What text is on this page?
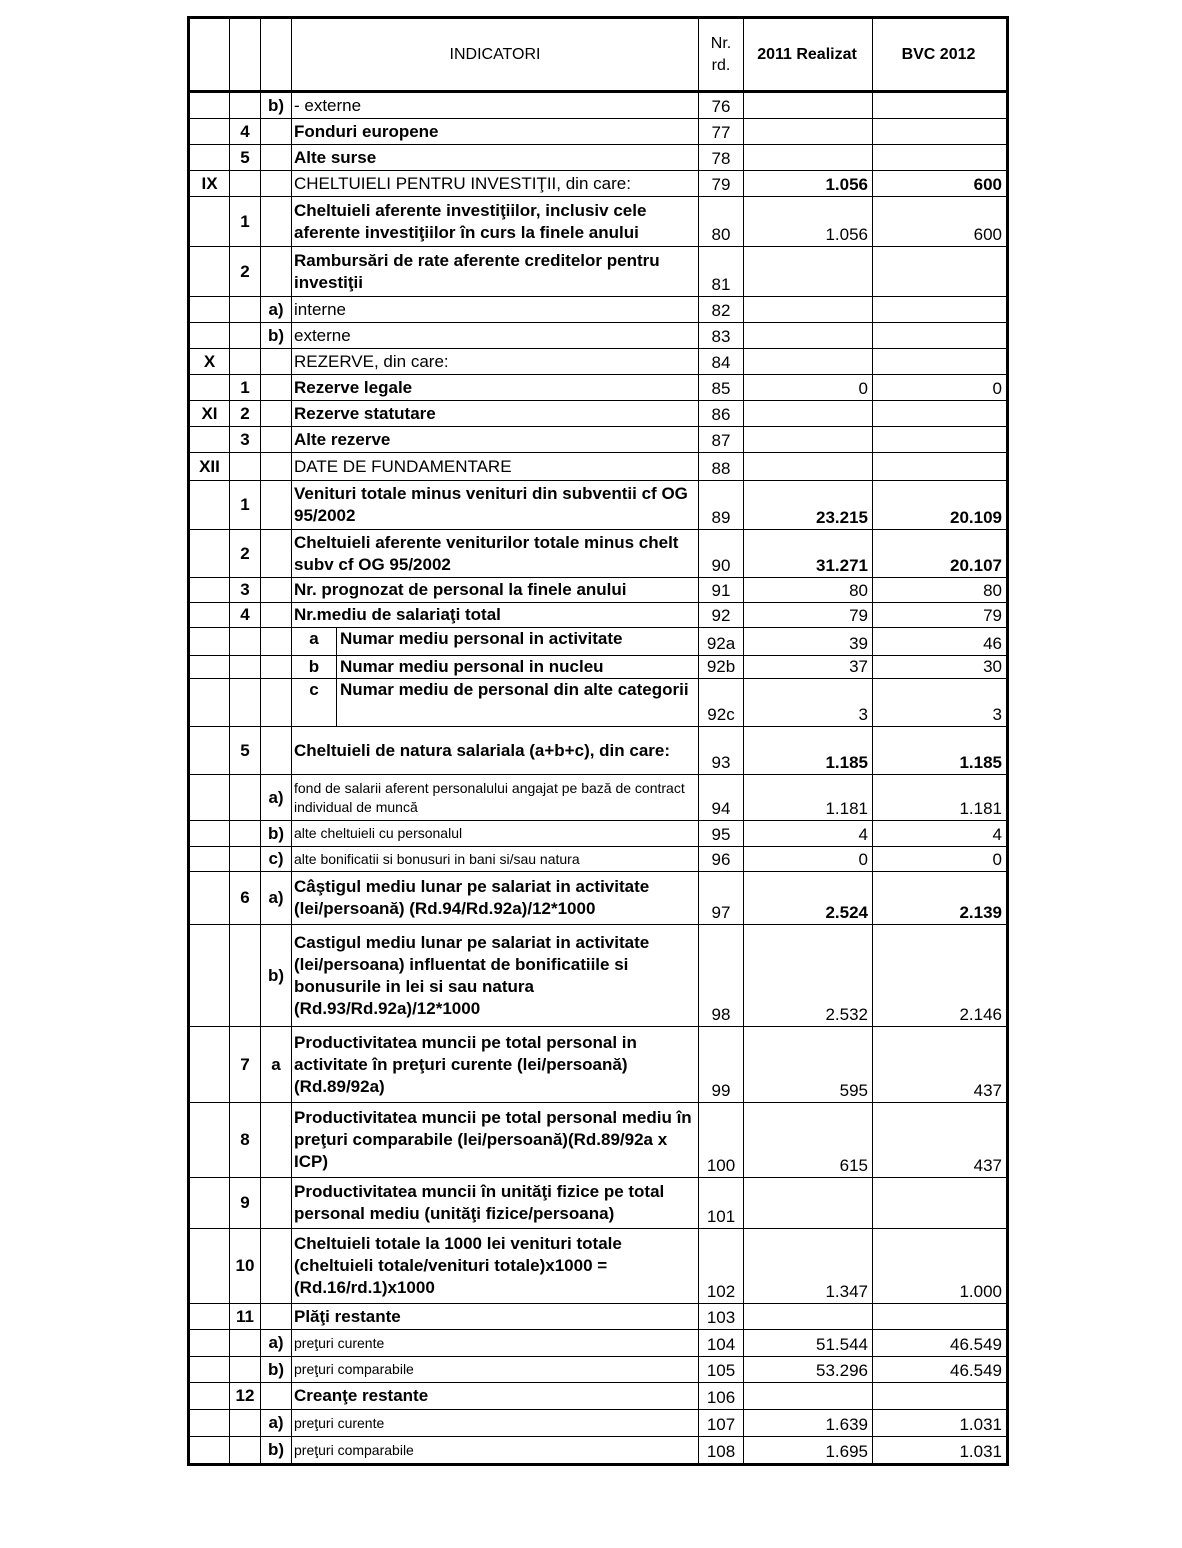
			INDICATORI	Nr. rd.	2011 Realizat	BVC 2012
		b)	- externe	76		
	4		Fonduri europene	77		
	5		Alte surse	78		
IX			CHELTUIELI PENTRU INVESTIŢII, din care:	79	1.056	600
	1		Cheltuieli aferente investiţiilor, inclusiv cele aferente investiţiilor în curs la finele anului	80	1.056	600
	2		Rambursări de rate aferente creditelor pentru investiţii	81		
		a)	interne	82		
		b)	externe	83		
X			REZERVE, din care:	84		
	1		Rezerve legale	85	0	0
XI	2		Rezerve statutare	86		
	3		Alte rezerve	87		
XII			DATE DE FUNDAMENTARE	88		
	1		Venituri totale minus venituri din subventii cf OG 95/2002	89	23.215	20.109
	2		Cheltuieli aferente veniturilor totale minus chelt subv cf OG 95/2002	90	31.271	20.107
	3		Nr. prognozat de personal la finele anului	91	80	80
	4		Nr.mediu de salariaţi total	92	79	79

			a Numar mediu personal in activitate	92a	39	46

			b Numar mediu personal in nucleu	92b	37	30

			c Numar mediu de personal din alte categorii	92c	3	3
	5		Cheltuieli de natura salariala (a+b+c), din care:	93	1.185	1.185
		a)	fond de salarii aferent personalului angajat pe bază de contract individual de muncă	94	1.181	1.181
		b)	alte cheltuieli cu personalul	95	4	4
		c)	alte bonificatii si bonusuri in bani si/sau natura	96	0	0
	6	a)	Câştigul mediu lunar pe salariat in activitate (lei/persoană) (Rd.94/Rd.92a)/12*1000	97	2.524	2.139
		b)	Castigul mediu lunar pe salariat in activitate (lei/persoana) influentat de bonificatiile si bonusurile in lei si sau natura (Rd.93/Rd.92a)/12*1000	98	2.532	2.146
	7	a	Productivitatea muncii pe total personal in activitate în preţuri curente (lei/persoană)(Rd.89/92a)	99	595	437
	8		Productivitatea muncii pe total personal mediu în preţuri comparabile (lei/persoană)(Rd.89/92a x ICP)	100	615	437
	9		Productivitatea muncii în unităţi fizice pe total personal mediu (unităţi fizice/persoana)	101		
	10		Cheltuieli totale la 1000 lei venituri totale (cheltuieli totale/venituri totale)x1000 =(Rd.16/rd.1)x1000	102	1.347	1.000
	11		Plăţi restante	103		
		a)	preţuri curente	104	51.544	46.549
		b)	preţuri comparabile	105	53.296	46.549
	12		Creanţe restante	106		
		a)	preţuri curente	107	1.639	1.031
		b)	preţuri comparabile	108	1.695	1.031
